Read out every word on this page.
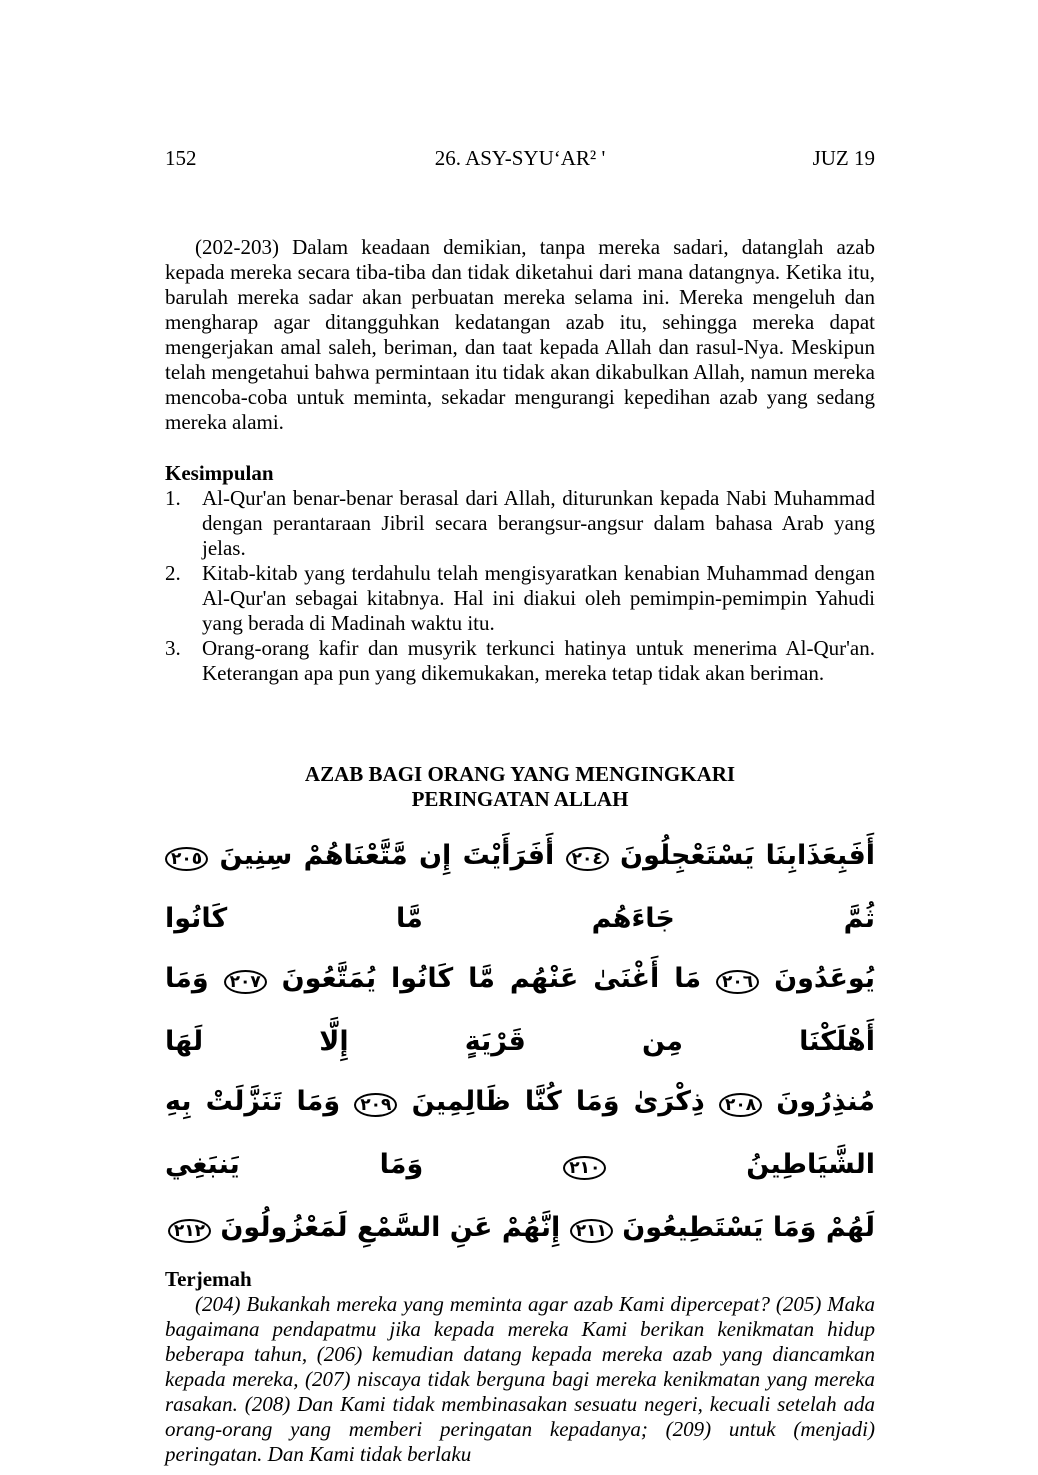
152	26. ASY-SYU‘AR² '	JUZ 19
(202-203) Dalam keadaan demikian, tanpa mereka sadari, datanglah azab kepada mereka secara tiba-tiba dan tidak diketahui dari mana datangnya. Ketika itu, barulah mereka sadar akan perbuatan mereka selama ini. Mereka mengeluh dan mengharap agar ditangguhkan kedatangan azab itu, sehingga mereka dapat mengerjakan amal saleh, beriman, dan taat kepada Allah dan rasul-Nya. Meskipun telah mengetahui bahwa permintaan itu tidak akan dikabulkan Allah, namun mereka mencoba-coba untuk meminta, sekadar mengurangi kepedihan azab yang sedang mereka alami.
Kesimpulan
1. Al-Qur'an benar-benar berasal dari Allah, diturunkan kepada Nabi Muhammad dengan perantaraan Jibril secara berangsur-angsur dalam bahasa Arab yang jelas.
2. Kitab-kitab yang terdahulu telah mengisyaratkan kenabian Muhammad dengan Al-Qur'an sebagai kitabnya. Hal ini diakui oleh pemimpin-pemimpin Yahudi yang berada di Madinah waktu itu.
3. Orang-orang kafir dan musyrik terkunci hatinya untuk menerima Al-Qur'an. Keterangan apa pun yang dikemukakan, mereka tetap tidak akan beriman.
AZAB BAGI ORANG YANG MENGINGKARI
PERINGATAN ALLAH
أَفَبِعَذَابِنَا يَسْتَعْجِلُونَ ٢٠٤ أَفَرَأَيْتَ إِن مَّتَّعْنَاهُمْ سِنِينَ ٢٠٥ ثُمَّ جَاءَهُم مَّا كَانُوا
يُوعَدُونَ ٢٠٦ مَا أَغْنَىٰ عَنْهُم مَّا كَانُوا يُمَتَّعُونَ ٢٠٧ وَمَا أَهْلَكْنَا مِن قَرْيَةٍ إِلَّا لَهَا
مُنذِرُونَ ٢٠٨ ذِكْرَىٰ وَمَا كُنَّا ظَالِمِينَ ٢٠٩ وَمَا تَنَزَّلَتْ بِهِ الشَّيَاطِينُ ٢١٠ وَمَا يَنبَغِي
لَهُمْ وَمَا يَسْتَطِيعُونَ ٢١١ إِنَّهُمْ عَنِ السَّمْعِ لَمَعْزُولُونَ ٢١٢
Terjemah
(204) Bukankah mereka yang meminta agar azab Kami dipercepat? (205) Maka bagaimana pendapatmu jika kepada mereka Kami berikan kenikmatan hidup beberapa tahun, (206) kemudian datang kepada mereka azab yang diancamkan kepada mereka, (207) niscaya tidak berguna bagi mereka kenikmatan yang mereka rasakan. (208) Dan Kami tidak membinasakan sesuatu negeri, kecuali setelah ada orang-orang yang memberi peringatan kepadanya; (209) untuk (menjadi) peringatan. Dan Kami tidak berlaku
